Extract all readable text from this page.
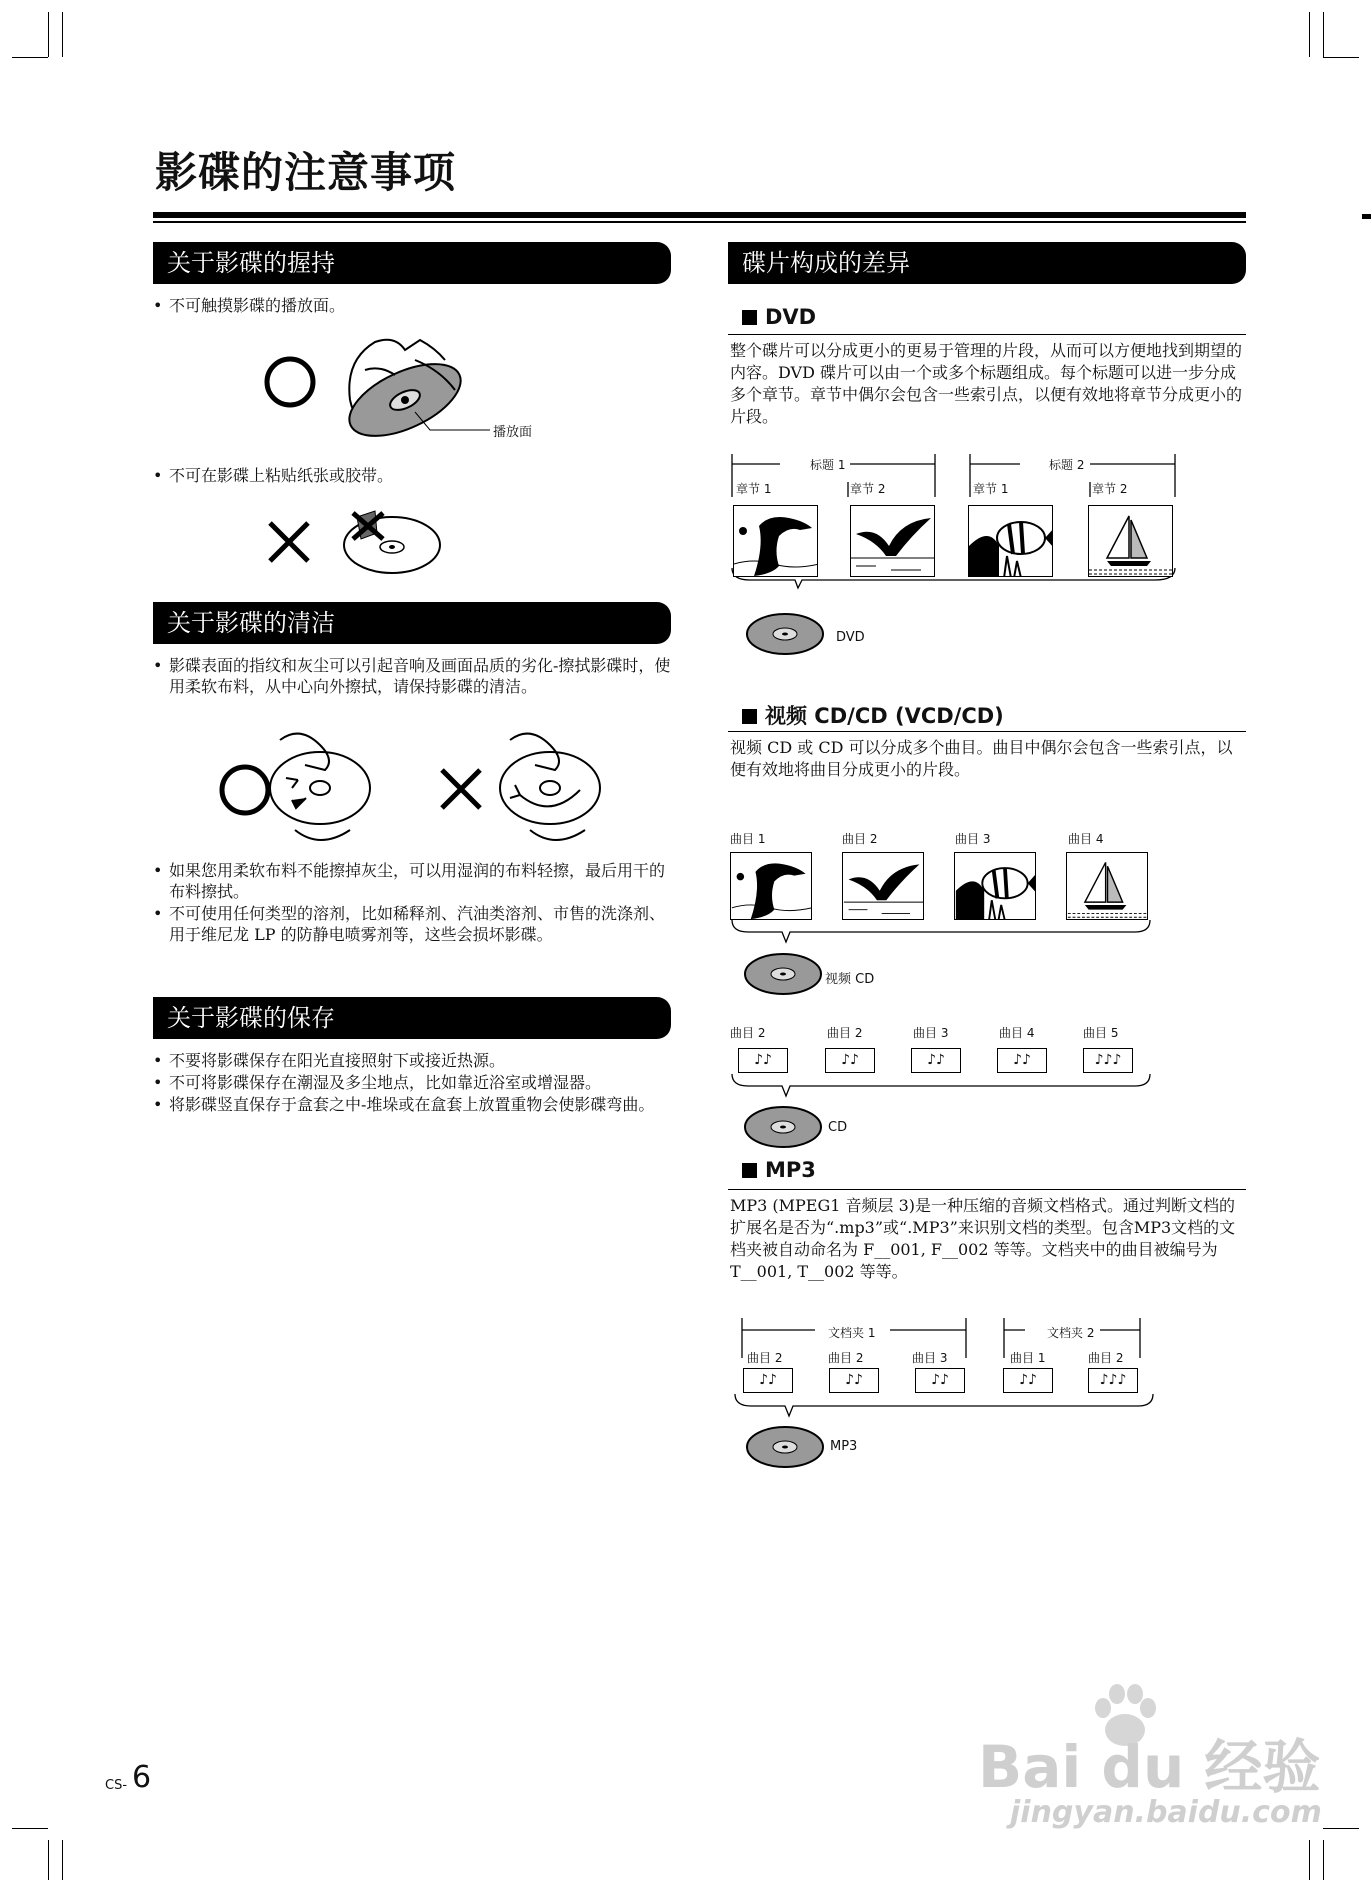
影碟的注意事项
关于影碟的握持
• 不可触摸影碟的播放面。
播放面
• 不可在影碟上粘贴纸张或胶带。
关于影碟的清洁
• 影碟表面的指纹和灰尘可以引起音响及画面品质的劣化-擦拭影碟时，使用柔软布料，从中心向外擦拭，请保持影碟的清洁。
• 如果您用柔软布料不能擦掉灰尘，可以用湿润的布料轻擦，最后用干的布料擦拭。
• 不可使用任何类型的溶剂，比如稀释剂、汽油类溶剂、市售的洗涤剂、用于维尼龙 LP 的防静电喷雾剂等，这些会损坏影碟。
关于影碟的保存
• 不要将影碟保存在阳光直接照射下或接近热源。
• 不可将影碟保存在潮湿及多尘地点，比如靠近浴室或增湿器。
• 将影碟竖直保存于盒套之中-堆垛或在盒套上放置重物会使影碟弯曲。
碟片构成的差异
DVD

整个碟片可以分成更小的更易于管理的片段，从而可以方便地找到期望的内容。DVD 碟片可以由一个或多个标题组成。每个标题可以进一步分成多个章节。章节中偶尔会包含一些索引点，以便有效地将章节分成更小的片段。

标题 1	标题 2
章节 1	章节 2	章节 1	章节 2
DVD
视频 CD/CD (VCD/CD)

视频 CD 或 CD 可以分成多个曲目。曲目中偶尔会包含一些索引点，以便有效地将曲目分成更小的片段。

曲目 1	曲目 2	曲目 3	曲目 4
视频 CD
曲目 2	曲目 2	曲目 3	曲目 4	曲目 5
♪♪	♪♪	♪♪	♪♪	♪♪♪
CD
MP3

MP3 (MPEG1 音频层 3)是一种压缩的音频文档格式。通过判断文档的扩展名是否为“.mp3”或“.MP3”来识别文档的类型。包含MP3文档的文档夹被自动命名为 F__001, F__002 等等。文档夹中的曲目被编号为 T__001, T__002 等等。

文档夹 1	文档夹 2
曲目 2	曲目 2	曲目 3	曲目 1	曲目 2
♪♪	♪♪	♪♪	♪♪	♪♪♪
MP3
CS- 6	Bai du 经验
jingyan.baidu.com
